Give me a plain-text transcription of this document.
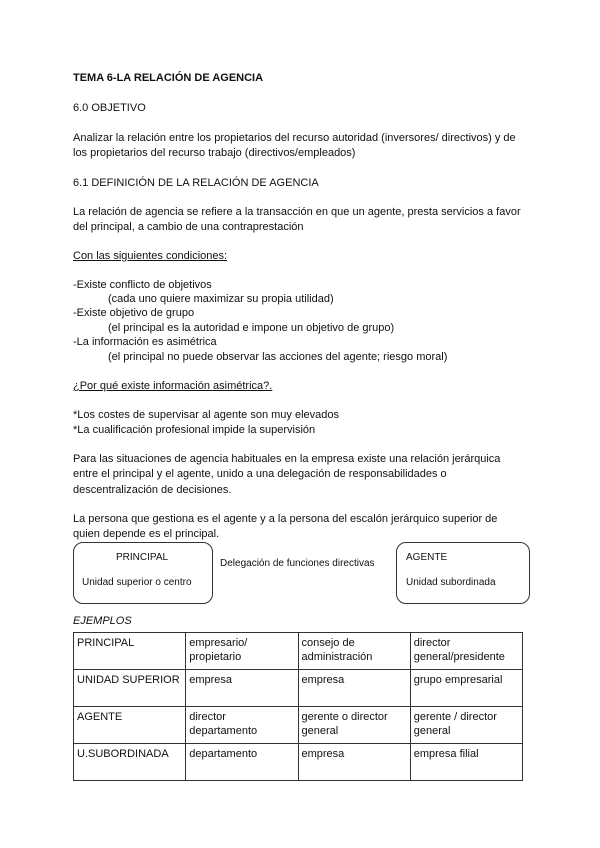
TEMA 6-LA RELACIÓN DE AGENCIA
6.0 OBJETIVO
Analizar la relación entre los propietarios del recurso autoridad (inversores/ directivos) y de
los propietarios del recurso trabajo (directivos/empleados)
6.1 DEFINICIÓN DE LA RELACIÓN DE AGENCIA
La relación de agencia se refiere a la transacción en que un agente, presta servicios a favor
del principal, a cambio de una contraprestación
Con las siguientes condiciones:
-Existe conflicto de objetivos
(cada uno quiere maximizar su propia utilidad)
-Existe objetivo de grupo
(el principal es la autoridad e impone un objetivo de grupo)
-La información es asimétrica
(el principal no puede observar las acciones del agente; riesgo moral)
¿Por qué existe información asimétrica?.
*Los costes de supervisar al agente son muy elevados
*La cualificación profesional impide la supervisión
Para las situaciones de agencia habituales en la empresa existe una relación jerárquica
entre el principal y el agente, unido a una delegación de responsabilidades o
descentralización de decisiones.
La persona que gestiona es el agente y a la persona del escalón jerárquico superior de
quien depende es el principal.
PRINCIPAL
Unidad superior o centro
Delegación de funciones directivas
AGENTE
Unidad subordinada
EJEMPLOS
PRINCIPAL	empresario/ propietario	consejo de administración	director general/presidente
UNIDAD SUPERIOR	empresa	empresa	grupo empresarial
AGENTE	director departamento	gerente o director general	gerente / director general
U.SUBORDINADA	departamento	empresa	empresa filial
